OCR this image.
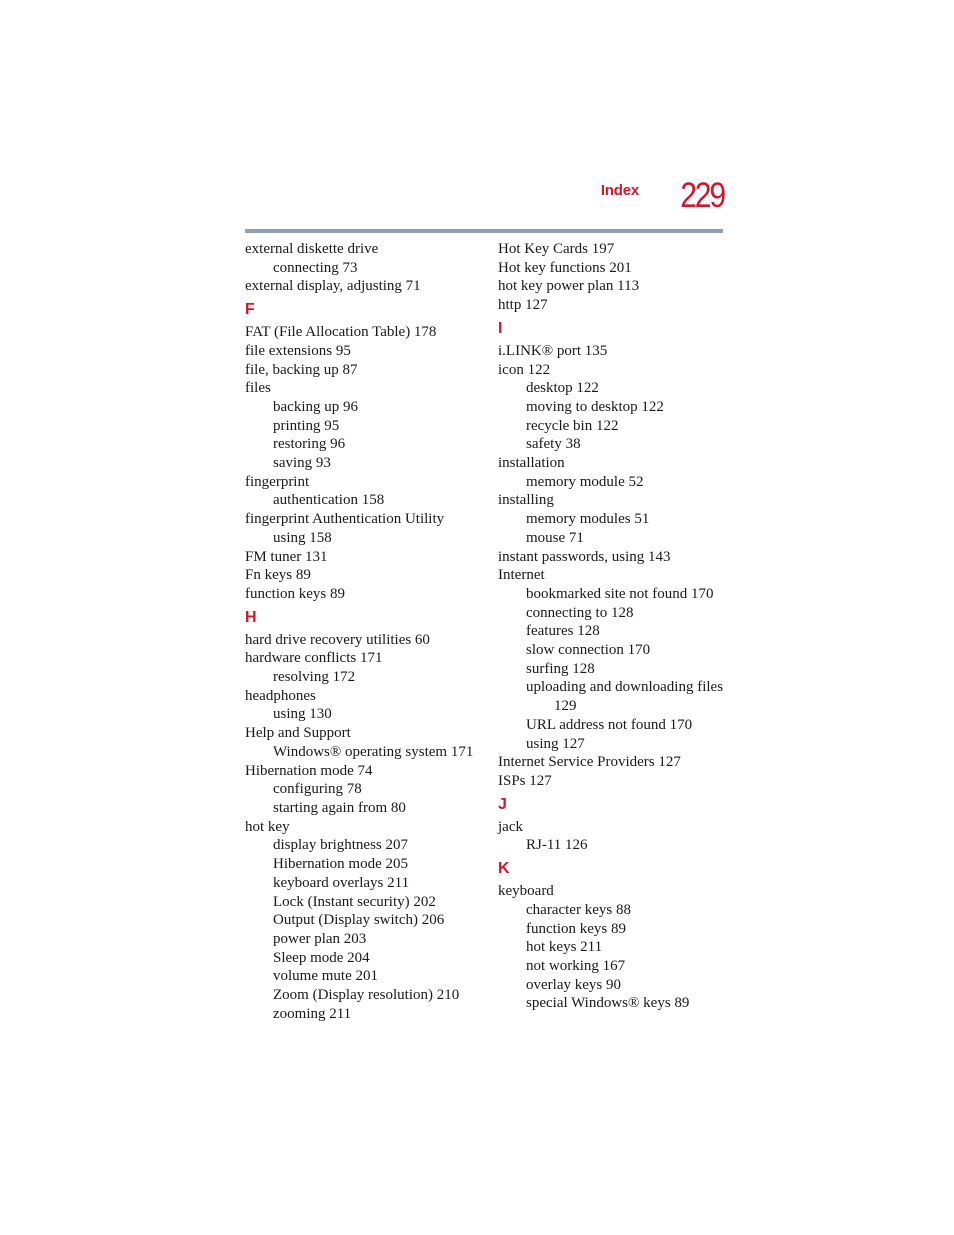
Index	229
external diskette drive
connecting 73
external display, adjusting 71
F
FAT (File Allocation Table) 178
file extensions 95
file, backing up 87
files
backing up 96
printing 95
restoring 96
saving 93
fingerprint
authentication 158
fingerprint Authentication Utility
using 158
FM tuner 131
Fn keys 89
function keys 89
H
hard drive recovery utilities 60
hardware conflicts 171
resolving 172
headphones
using 130
Help and Support
Windows® operating system 171
Hibernation mode 74
configuring 78
starting again from 80
hot key
display brightness 207
Hibernation mode 205
keyboard overlays 211
Lock (Instant security) 202
Output (Display switch) 206
power plan 203
Sleep mode 204
volume mute 201
Zoom (Display resolution) 210
zooming 211
Hot Key Cards 197
Hot key functions 201
hot key power plan 113
http 127
I
i.LINK® port 135
icon 122
desktop 122
moving to desktop 122
recycle bin 122
safety 38
installation
memory module 52
installing
memory modules 51
mouse 71
instant passwords, using 143
Internet
bookmarked site not found 170
connecting to 128
features 128
slow connection 170
surfing 128
uploading and downloading files
129
URL address not found 170
using 127
Internet Service Providers 127
ISPs 127
J
jack
RJ-11 126
K
keyboard
character keys 88
function keys 89
hot keys 211
not working 167
overlay keys 90
special Windows® keys 89
